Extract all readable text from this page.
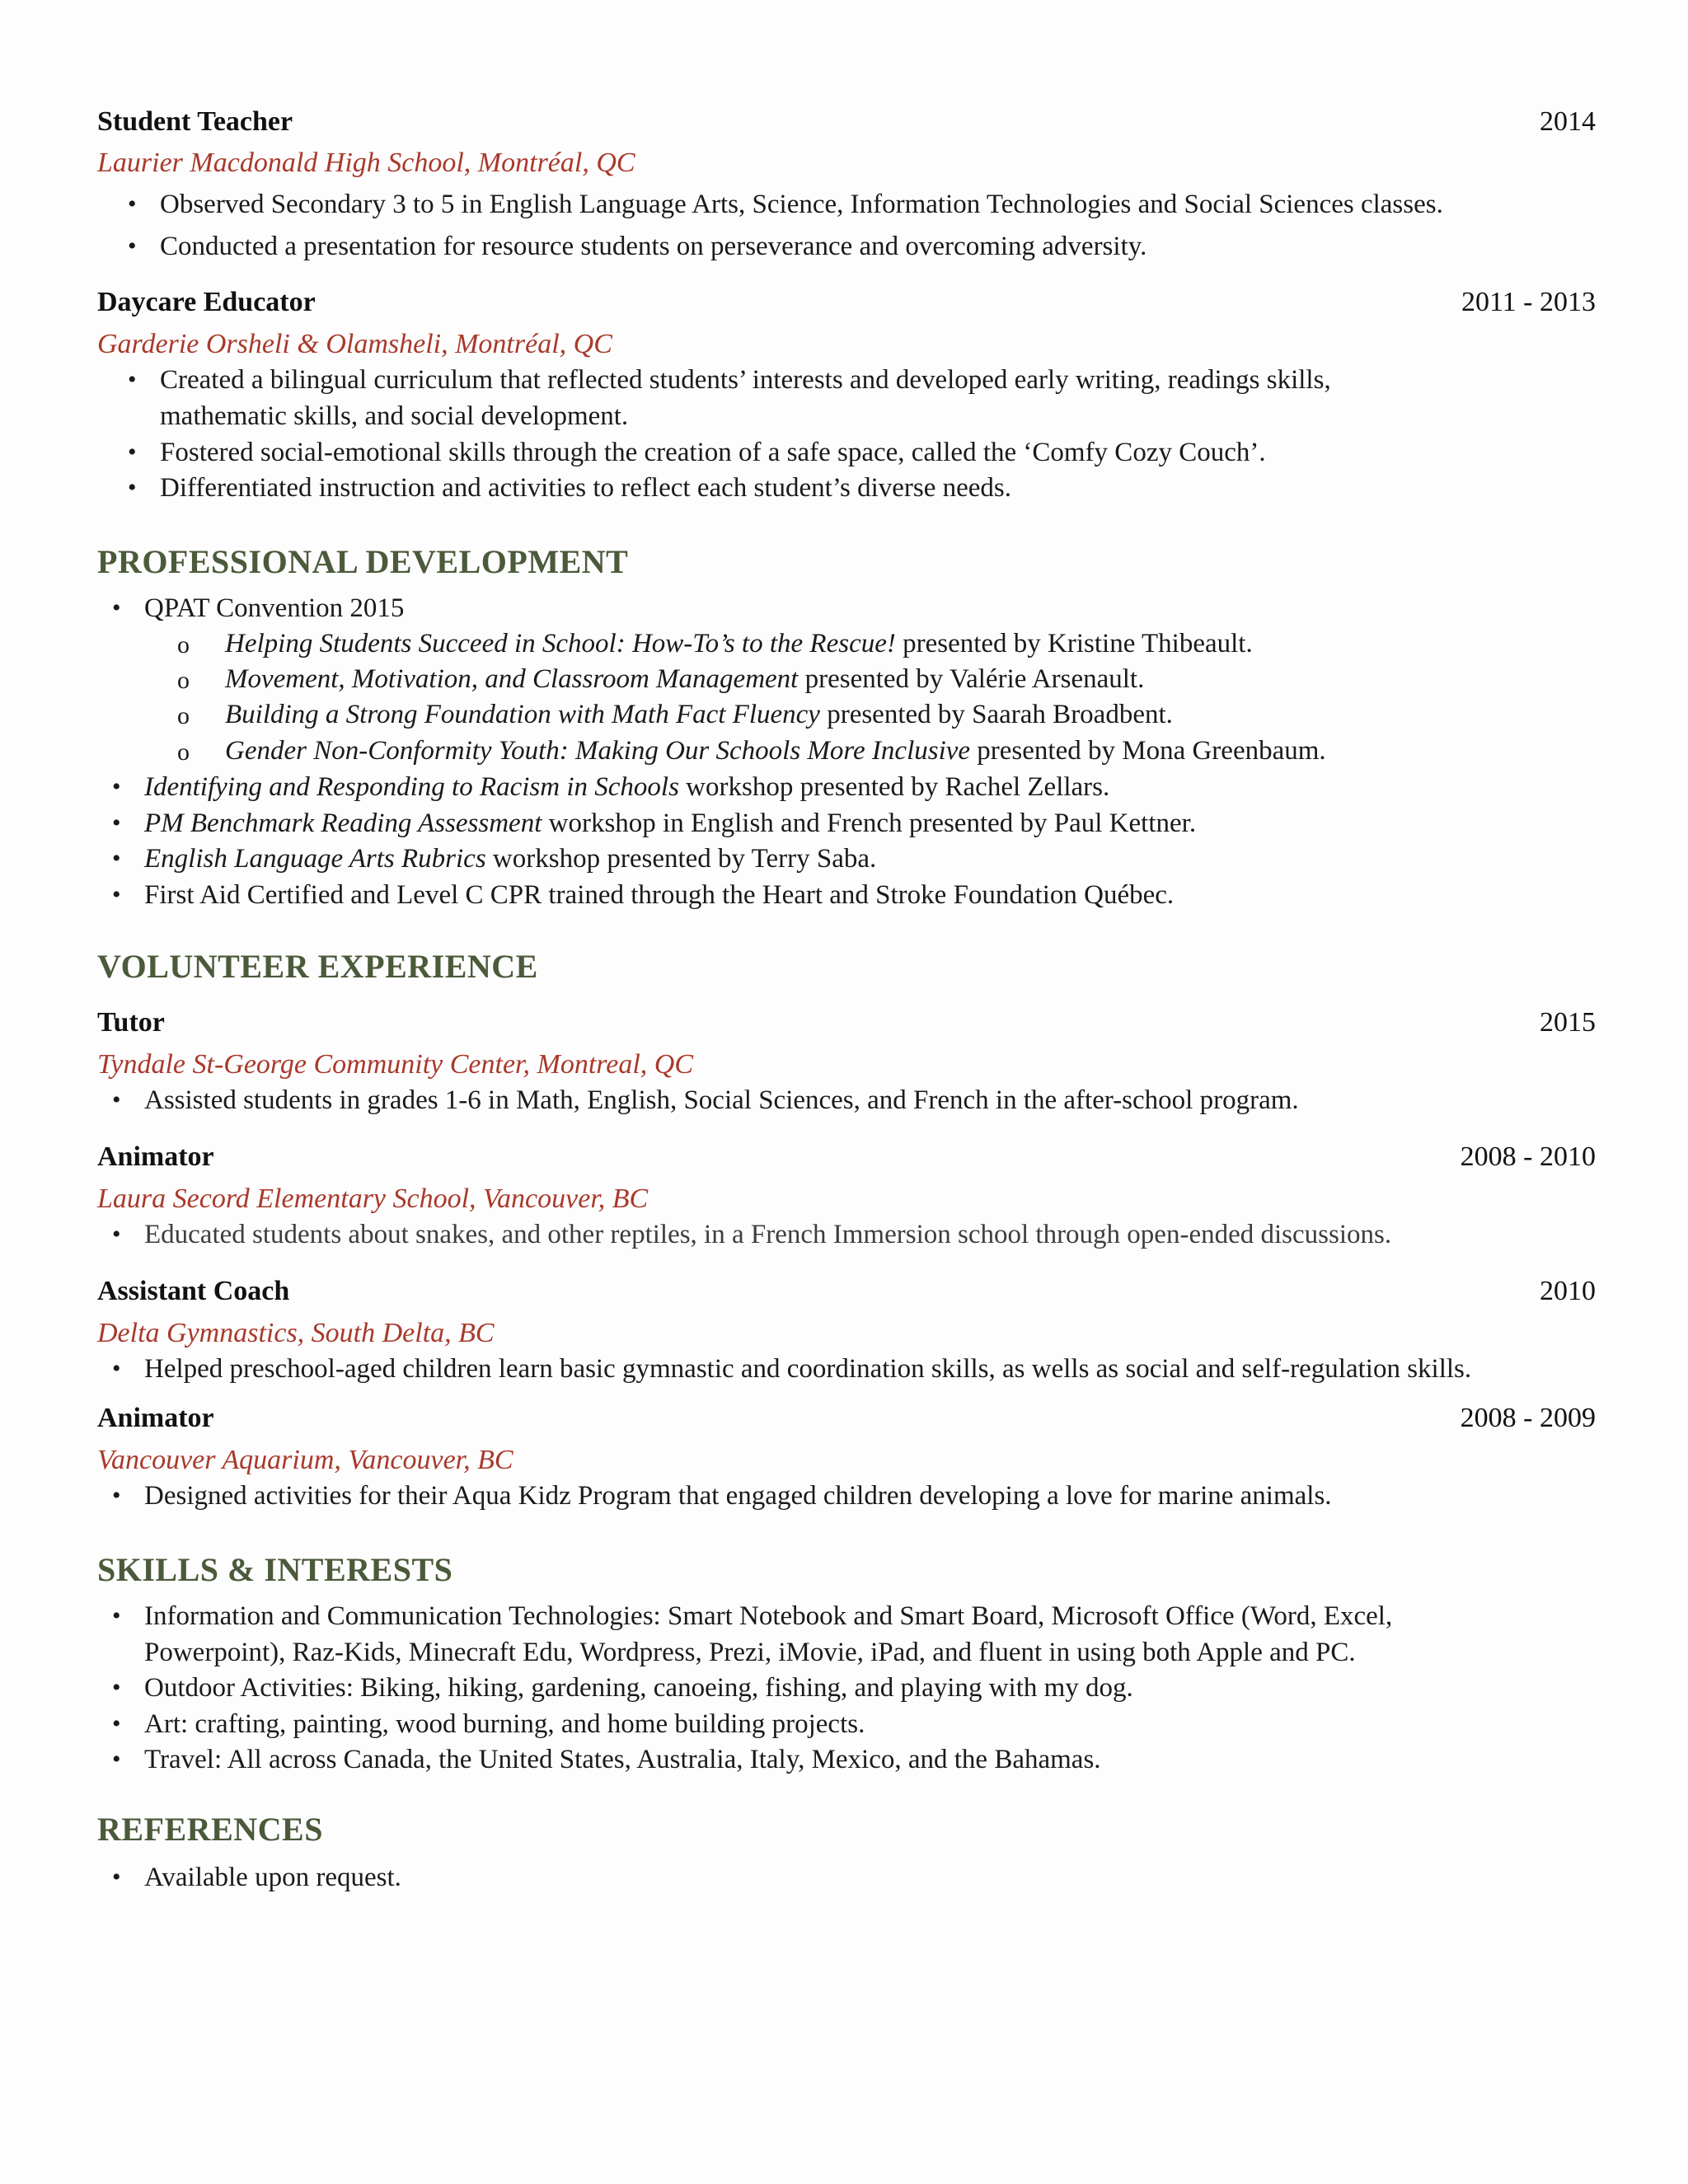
Student Teacher	2014
Laurier Macdonald High School, Montréal, QC
• Observed Secondary 3 to 5 in English Language Arts, Science, Information Technologies and Social Sciences classes.
• Conducted a presentation for resource students on perseverance and overcoming adversity.
Daycare Educator	2011 - 2013
Garderie Orsheli & Olamsheli, Montréal, QC
• Created a bilingual curriculum that reflected students’ interests and developed early writing, readings skills,
mathematic skills, and social development.
• Fostered social-emotional skills through the creation of a safe space, called the ‘Comfy Cozy Couch’.
• Differentiated instruction and activities to reflect each student’s diverse needs.
PROFESSIONAL DEVELOPMENT
• QPAT Convention 2015
o Helping Students Succeed in School: How-To’s to the Rescue! presented by Kristine Thibeault.
o Movement, Motivation, and Classroom Management presented by Valérie Arsenault.
o Building a Strong Foundation with Math Fact Fluency presented by Saarah Broadbent.
o Gender Non-Conformity Youth: Making Our Schools More Inclusive presented by Mona Greenbaum.
• Identifying and Responding to Racism in Schools workshop presented by Rachel Zellars.
• PM Benchmark Reading Assessment workshop in English and French presented by Paul Kettner.
• English Language Arts Rubrics workshop presented by Terry Saba.
• First Aid Certified and Level C CPR trained through the Heart and Stroke Foundation Québec.
VOLUNTEER EXPERIENCE
Tutor	2015
Tyndale St-George Community Center, Montreal, QC
• Assisted students in grades 1-6 in Math, English, Social Sciences, and French in the after-school program.
Animator	2008 - 2010
Laura Secord Elementary School, Vancouver, BC
• Educated students about snakes, and other reptiles, in a French Immersion school through open-ended discussions.
Assistant Coach	2010
Delta Gymnastics, South Delta, BC
• Helped preschool-aged children learn basic gymnastic and coordination skills, as wells as social and self-regulation skills.
Animator	2008 - 2009
Vancouver Aquarium, Vancouver, BC
• Designed activities for their Aqua Kidz Program that engaged children developing a love for marine animals.
SKILLS & INTERESTS
• Information and Communication Technologies: Smart Notebook and Smart Board, Microsoft Office (Word, Excel,
Powerpoint), Raz-Kids, Minecraft Edu, Wordpress, Prezi, iMovie, iPad, and fluent in using both Apple and PC.
• Outdoor Activities: Biking, hiking, gardening, canoeing, fishing, and playing with my dog.
• Art: crafting, painting, wood burning, and home building projects.
• Travel: All across Canada, the United States, Australia, Italy, Mexico, and the Bahamas.
REFERENCES
• Available upon request.
